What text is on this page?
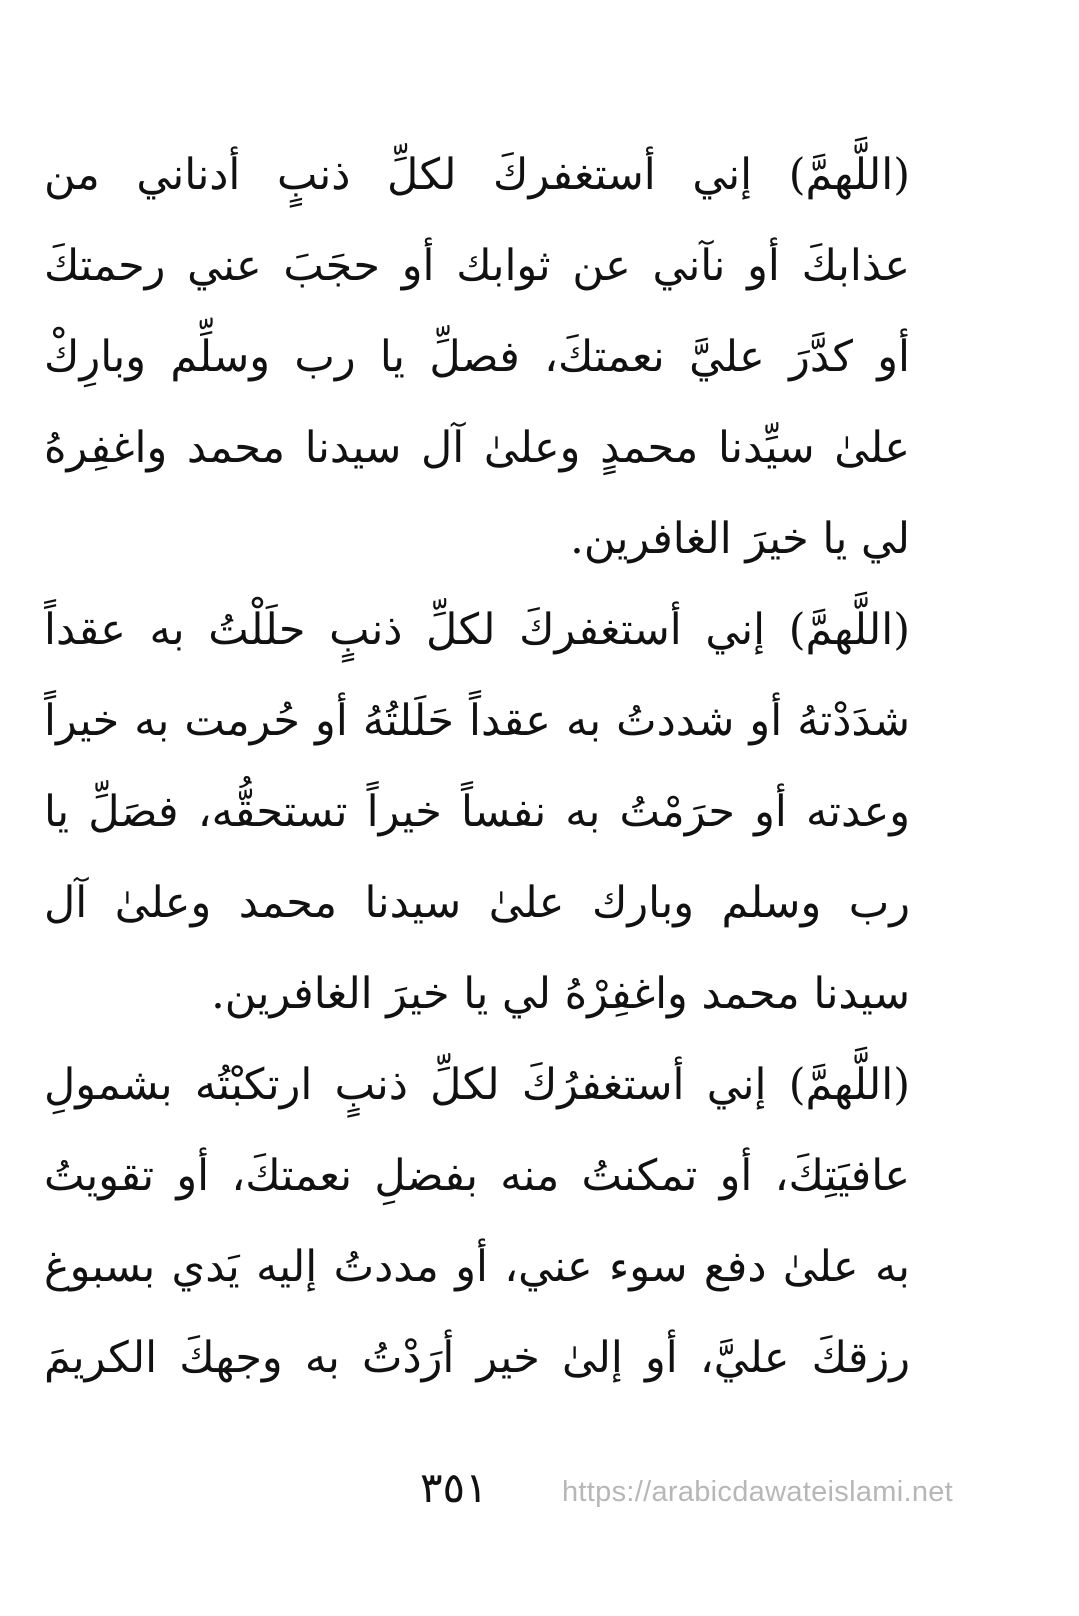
(اللَّهمَّ) إني أستغفركَ لكلِّ ذنبٍ أدناني من
عذابكَ أو نآني عن ثوابك أو حجَبَ عني رحمتكَ
أو كدَّرَ عليَّ نعمتكَ، فصلِّ يا رب وسلِّم وبارِكْ
علىٰ سيِّدنا محمدٍ وعلىٰ آل سيدنا محمد واغفِرهُ
لي يا خيرَ الغافرين.
(اللَّهمَّ) إني أستغفركَ لكلِّ ذنبٍ حلَلْتُ به عقداً
شدَدْتهُ أو شددتُ به عقداً حَلَلتُهُ أو حُرمت به خيراً
وعدته أو حرَمْتُ به نفساً خيراً تستحقُّه، فصَلِّ يا
رب وسلم وبارك علىٰ سيدنا محمد وعلىٰ آل
سيدنا محمد واغفِرْهُ لي يا خيرَ الغافرين.
(اللَّهمَّ) إني أستغفرُكَ لكلِّ ذنبٍ ارتكبْتُه بشمولِ
عافيَتِكَ، أو تمكنتُ منه بفضلِ نعمتكَ، أو تقويتُ
به علىٰ دفع سوء عني، أو مددتُ إليه يَدي بسبوغ
رزقكَ عليَّ، أو إلىٰ خير أرَدْتُ به وجهكَ الكريمَ
٣٥١	https://arabicdawateislami.net
